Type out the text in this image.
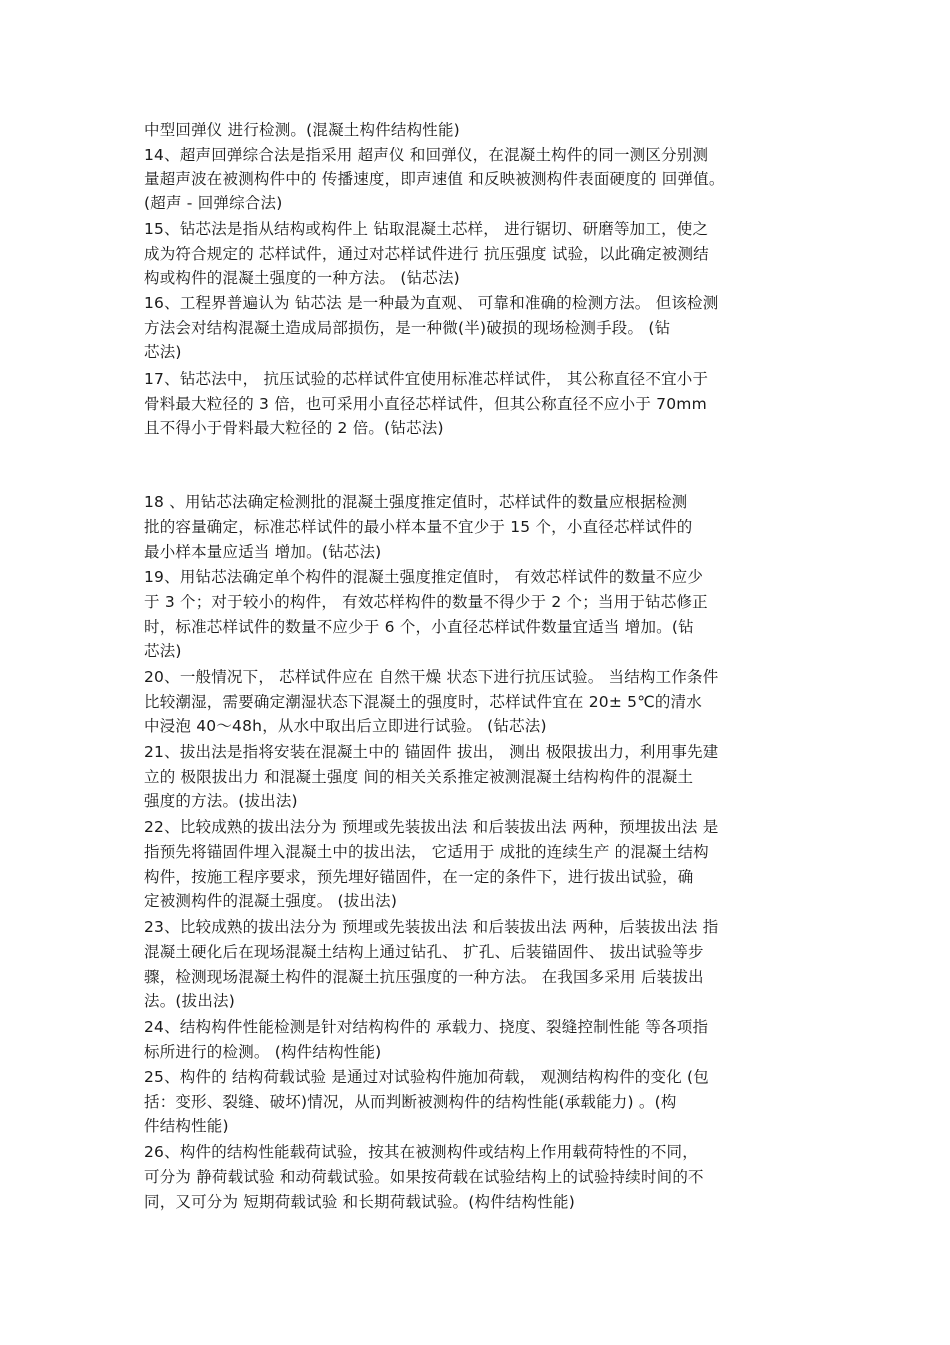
中型回弹仪 进行检测。(混凝土构件结构性能)
14、超声回弹综合法是指采用 超声仪 和回弹仪，在混凝土构件的同一测区分别测
量超声波在被测构件中的 传播速度，即声速值 和反映被测构件表面硬度的 回弹值。
(超声 - 回弹综合法)
15、钻芯法是指从结构或构件上 钻取混凝土芯样， 进行锯切、研磨等加工，使之
成为符合规定的 芯样试件，通过对芯样试件进行 抗压强度 试验，以此确定被测结
构或构件的混凝土强度的一种方法。 (钻芯法)
16、工程界普遍认为 钻芯法 是一种最为直观、 可靠和准确的检测方法。 但该检测
方法会对结构混凝土造成局部损伤，是一种微(半)破损的现场检测手段。 (钻
芯法)
17、钻芯法中， 抗压试验的芯样试件宜使用标准芯样试件， 其公称直径不宜小于
骨料最大粒径的 3 倍，也可采用小直径芯样试件，但其公称直径不应小于 70mm
且不得小于骨料最大粒径的 2 倍。(钻芯法)
18 、用钻芯法确定检测批的混凝土强度推定值时，芯样试件的数量应根据检测
批的容量确定，标准芯样试件的最小样本量不宜少于 15 个，小直径芯样试件的
最小样本量应适当 增加。(钻芯法)
19、用钻芯法确定单个构件的混凝土强度推定值时， 有效芯样试件的数量不应少
于 3 个；对于较小的构件， 有效芯样构件的数量不得少于 2 个；当用于钻芯修正
时，标准芯样试件的数量不应少于 6 个，小直径芯样试件数量宜适当 增加。(钻
芯法)
20、一般情况下， 芯样试件应在 自然干燥 状态下进行抗压试验。 当结构工作条件
比较潮湿，需要确定潮湿状态下混凝土的强度时，芯样试件宜在 20± 5℃的清水
中浸泡 40～48h，从水中取出后立即进行试验。 (钻芯法)
21、拔出法是指将安装在混凝土中的 锚固件 拔出， 测出 极限拔出力，利用事先建
立的 极限拔出力 和混凝土强度 间的相关关系推定被测混凝土结构构件的混凝土
强度的方法。(拔出法)
22、比较成熟的拔出法分为 预埋或先装拔出法 和后装拔出法 两种，预埋拔出法 是
指预先将锚固件埋入混凝土中的拔出法， 它适用于 成批的连续生产 的混凝土结构
构件，按施工程序要求，预先埋好锚固件，在一定的条件下，进行拔出试验，确
定被测构件的混凝土强度。 (拔出法)
23、比较成熟的拔出法分为 预埋或先装拔出法 和后装拔出法 两种，后装拔出法 指
混凝土硬化后在现场混凝土结构上通过钻孔、 扩孔、后装锚固件、 拔出试验等步
骤，检测现场混凝土构件的混凝土抗压强度的一种方法。 在我国多采用 后装拔出
法。(拔出法)
24、结构构件性能检测是针对结构构件的 承载力、挠度、裂缝控制性能 等各项指
标所进行的检测。 (构件结构性能)
25、构件的 结构荷载试验 是通过对试验构件施加荷载， 观测结构构件的变化 (包
括：变形、裂缝、破坏)情况，从而判断被测构件的结构性能(承载能力) 。(构
件结构性能)
26、构件的结构性能载荷试验，按其在被测构件或结构上作用载荷特性的不同，
可分为 静荷载试验 和动荷载试验。如果按荷载在试验结构上的试验持续时间的不
同，又可分为 短期荷载试验 和长期荷载试验。(构件结构性能)
